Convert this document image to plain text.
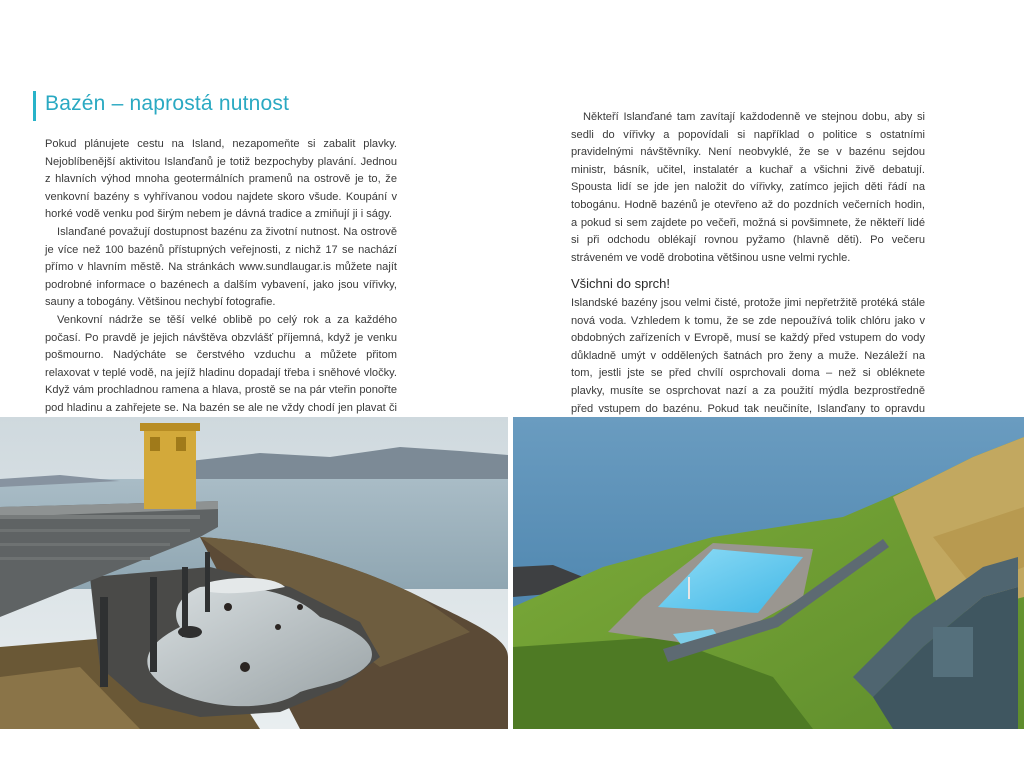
Bazén – naprostá nutnost

Pokud plánujete cestu na Island, nezapomeňte si zabalit plavky. Nejoblíbenější aktivitou Islanďanů je totiž bezpochyby plavání. Jednou z hlavních výhod mnoha geotermálních pramenů na ostrově je to, že venkovní bazény s vyhřívanou vodou najdete skoro všude. Koupání v horké vodě venku pod širým nebem je dávná tradice a zmiňují ji i ságy.

Islanďané považují dostupnost bazénu za životní nutnost. Na ostrově je více než 100 bazénů přístupných veřejnosti, z nichž 17 se nachází přímo v hlavním městě. Na stránkách www.sundlaugar.is můžete najít podrobné informace o bazénech a dalším vybavení, jako jsou vířivky, sauny a tobogány. Většinou nechybí fotografie.

Venkovní nádrže se těší velké oblibě po celý rok a za každého počasí. Po pravdě je jejich návštěva obzvlášť příjemná, když je venku pošmourno. Nadýcháte se čerstvého vzduchu a můžete přitom relaxovat v teplé vodě, na jejíž hladinu dopadají třeba i sněhové vločky. Když vám prochladnou ramena a hlava, prostě se na pár vteřin ponořte pod hladinu a zahřejete se. Na bazén se ale ne vždy chodí jen plavat či

Někteří Islanďané tam zavítají každodenně ve stejnou dobu, aby si sedli do vířivky a popovídali si například o politice s ostatními pravidelnými návštěvníky. Není neobvyklé, že se v bazénu sejdou ministr, básník, učitel, instalatér a kuchař a všichni živě debatují. Spousta lidí se jde jen naložit do vířivky, zatímco jejich děti řádí na tobogánu. Hodně bazénů je otevřeno až do pozdních večerních hodin, a pokud si sem zajdete po večeři, možná si povšimnete, že někteří lidé si při odchodu oblékají rovnou pyžamo (hlavně děti). Po večeru stráveném ve vodě drobotina většinou usne velmi rychle.

Všichni do sprch!

Islandské bazény jsou velmi čisté, protože jimi nepřetržitě protéká stále nová voda. Vzhledem k tomu, že se zde nepoužívá tolik chlóru jako v obdobných zařízeních v Evropě, musí se každý před vstupem do vody důkladně umýt v oddělených šatnách pro ženy a muže. Nezáleží na tom, jestli jste se před chvílí osprchovali doma – než si obléknete plavky, musíte se osprchovat nazí a za použití mýdla bezprostředně před vstupem do bazénu. Pokud tak neučiníte, Islanďany to opravdu
